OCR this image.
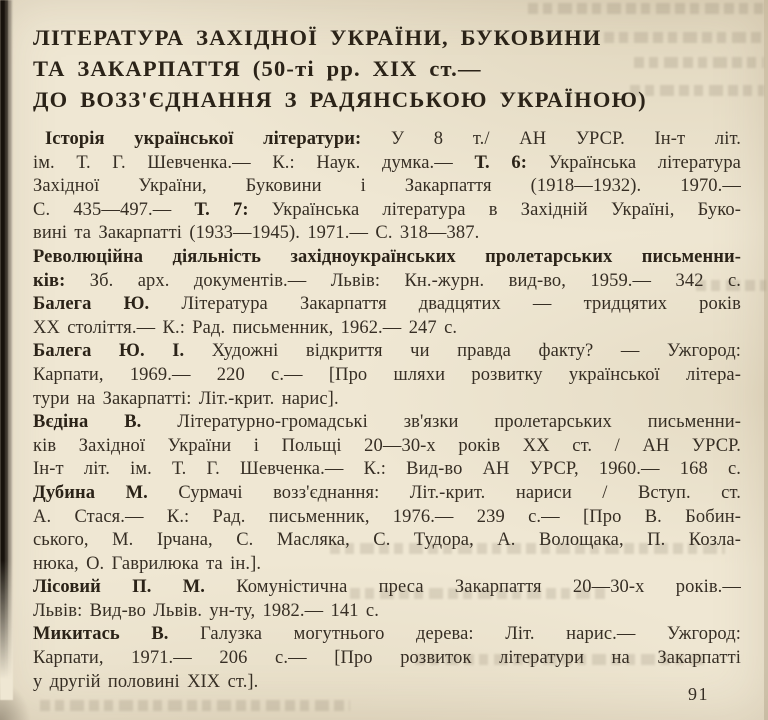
ЛІТЕРАТУРА ЗАХІДНОЇ УКРАЇНИ, БУКОВИНИ
ТА ЗАКАРПАТТЯ (50-ті рр. XIX ст.—
ДО ВОЗЗ'ЄДНАННЯ З РАДЯНСЬКОЮ УКРАЇНОЮ)
Історія української літератури: У 8 т./ АН УРСР. Ін-т літ.
ім. Т. Г. Шевченка.— К.: Наук. думка.— Т. 6: Українська література
Західної України, Буковини і Закарпаття (1918—1932). 1970.—
С. 435—497.— Т. 7: Українська література в Західній Україні, Буко-
вині та Закарпатті (1933—1945). 1971.— С. 318—387.
Революційна діяльність західноукраїнських пролетарських письменни-
ків: Зб. арх. документів.— Львів: Кн.-журн. вид-во, 1959.— 342 с.
Балега Ю. Література Закарпаття двадцятих — тридцятих років
XX століття.— К.: Рад. письменник, 1962.— 247 с.
Балега Ю. І. Художні відкриття чи правда факту? — Ужгород:
Карпати, 1969.— 220 с.— [Про шляхи розвитку української літера-
тури на Закарпатті: Літ.-крит. нарис].
Вєдіна В. Літературно-громадські зв'язки пролетарських письменни-
ків Західної України і Польщі 20—30-х років XX ст. / АН УРСР.
Ін-т літ. ім. Т. Г. Шевченка.— К.: Вид-во АН УРСР, 1960.— 168 с.
Дубина М. Сурмачі возз'єднання: Літ.-крит. нариси / Вступ. ст.
А. Стася.— К.: Рад. письменник, 1976.— 239 с.— [Про В. Бобин-
ського, М. Ірчана, С. Масляка, С. Тудора, А. Волощака, П. Козла-
нюка, О. Гаврилюка та ін.].
Лісовий П. М. Комуністична преса Закарпаття 20—30-х років.—
Львів: Вид-во Львів. ун-ту, 1982.— 141 с.
Микитась В. Галузка могутнього дерева: Літ. нарис.— Ужгород:
Карпати, 1971.— 206 с.— [Про розвиток літератури на Закарпатті
у другій половині XIX ст.].
91
